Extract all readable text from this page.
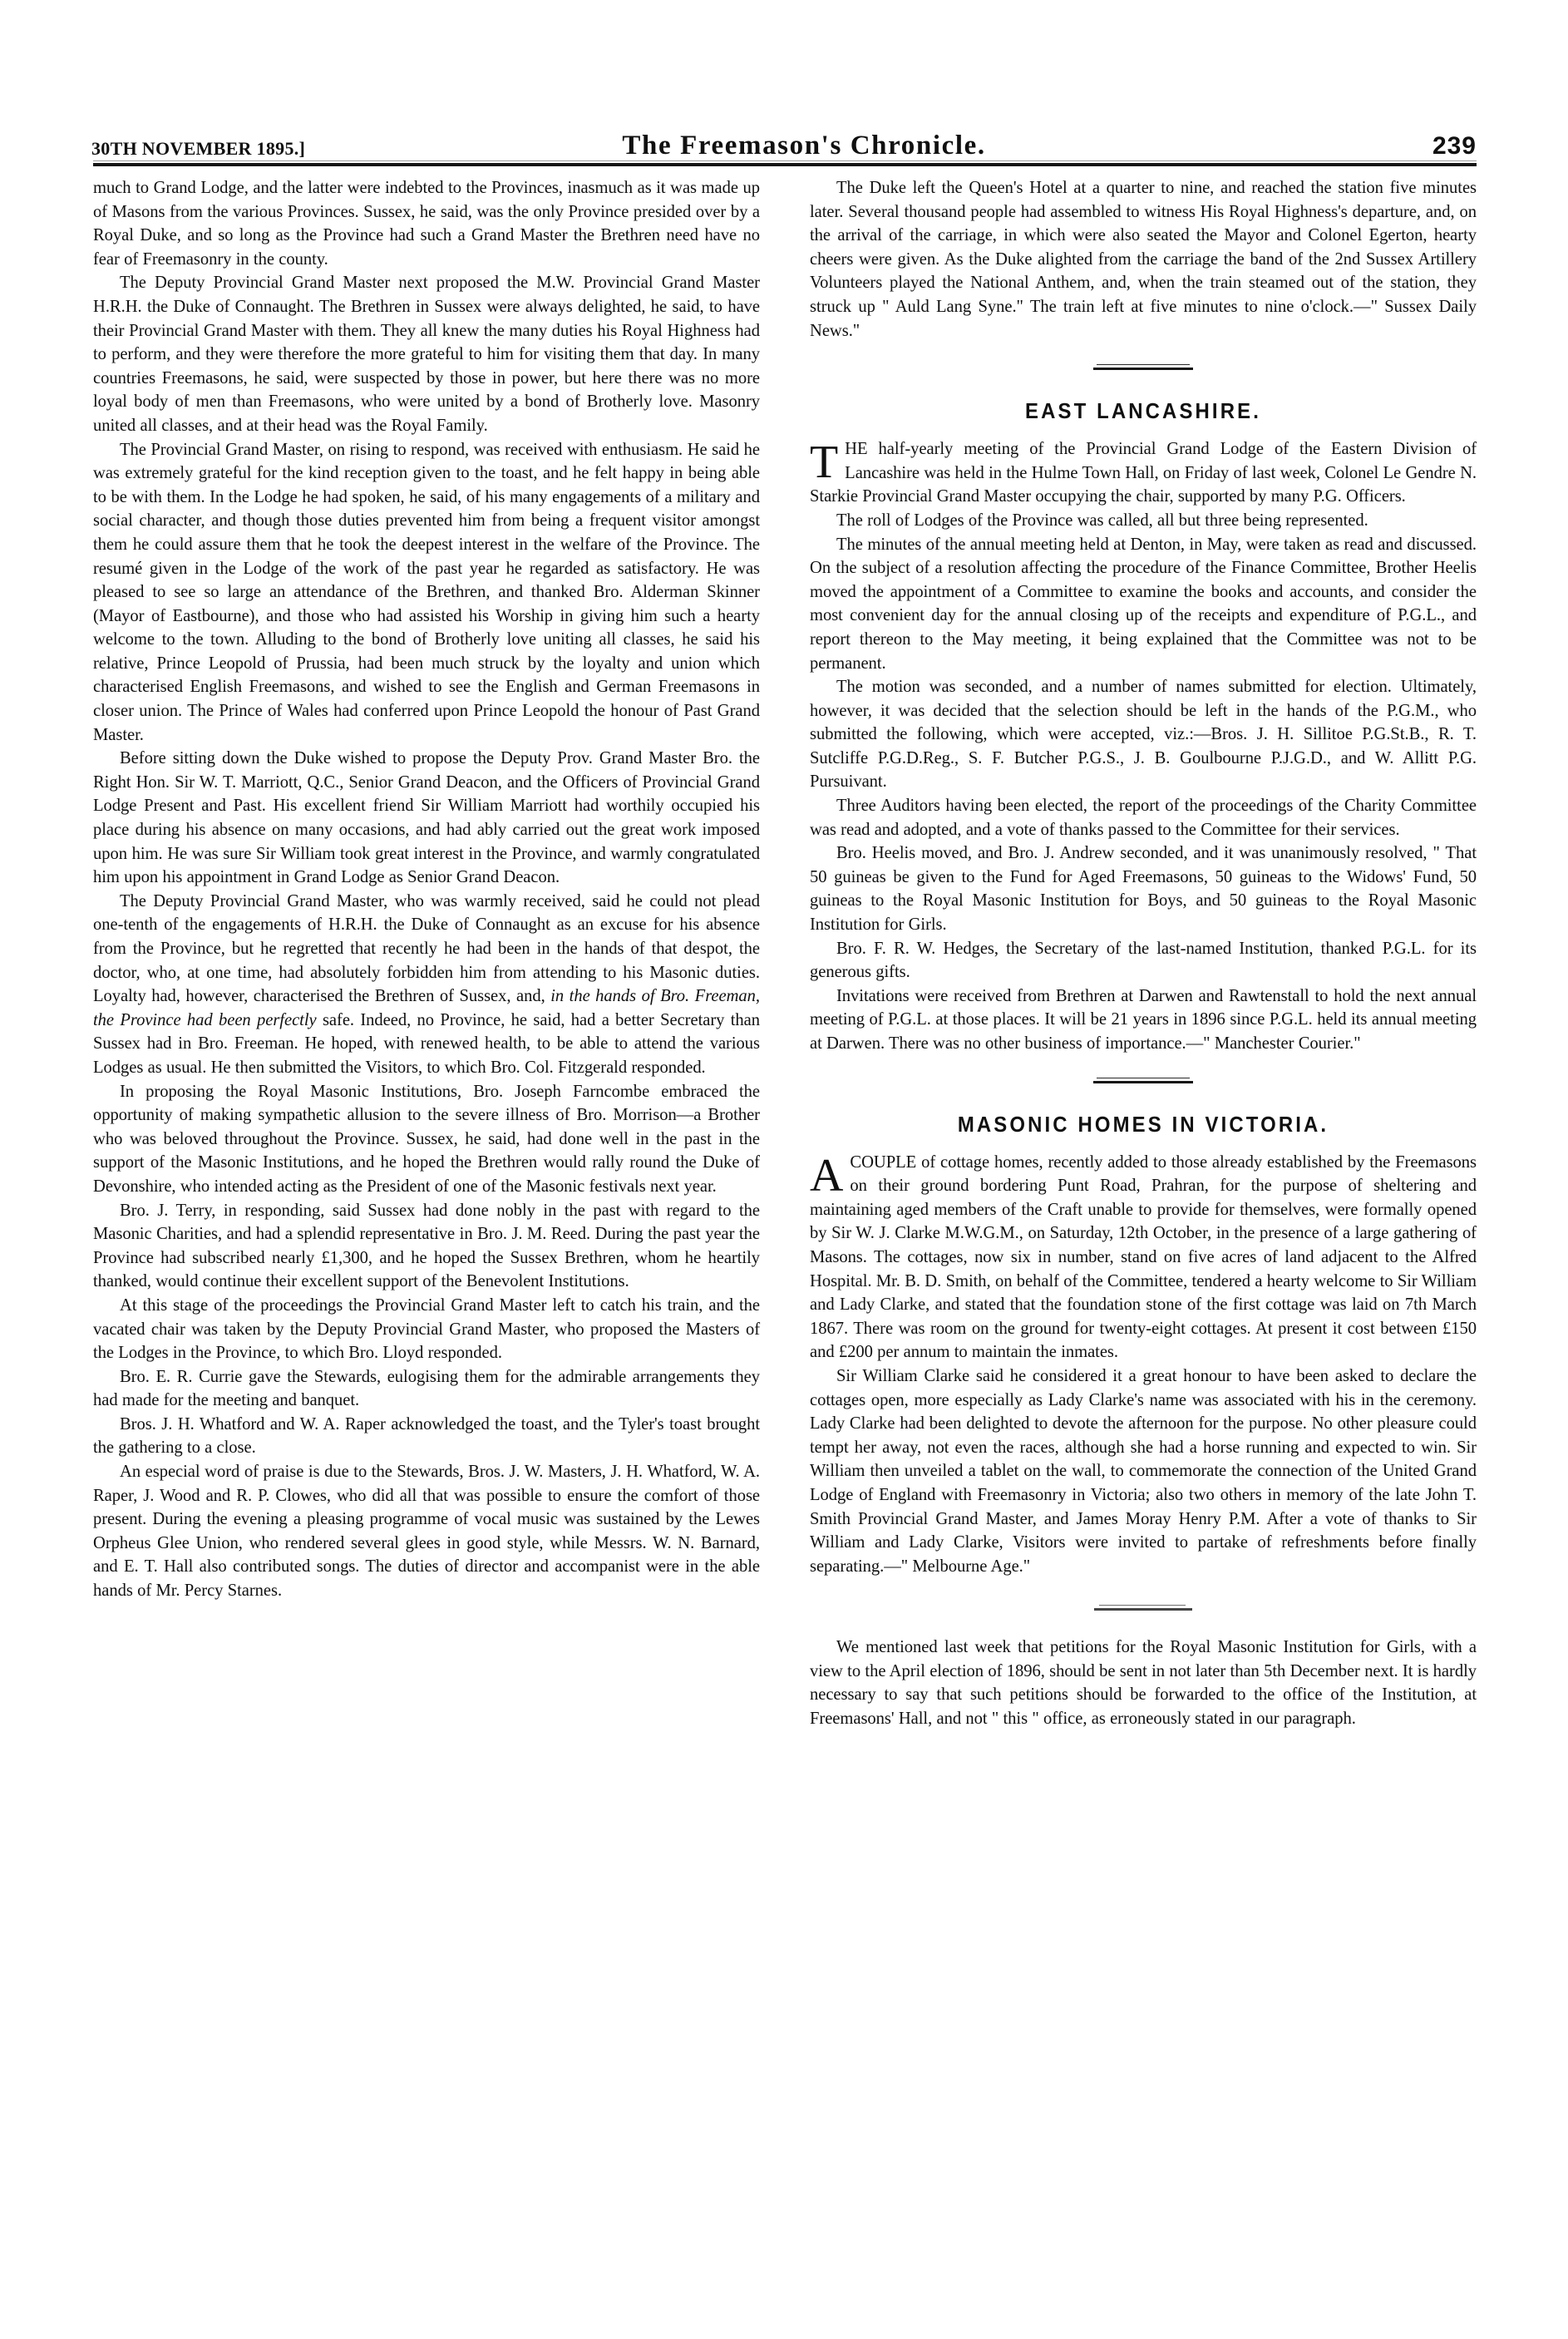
30TH NOVEMBER 1895.]	The Freemason's Chronicle.	239

much to Grand Lodge, and the latter were indebted to the Provinces, inasmuch as it was made up of Masons from the various Provinces. Sussex, he said, was the only Province presided over by a Royal Duke, and so long as the Province had such a Grand Master the Brethren need have no fear of Freemasonry in the county.

The Deputy Provincial Grand Master next proposed the M.W. Provincial Grand Master H.R.H. the Duke of Connaught. The Brethren in Sussex were always delighted, he said, to have their Provincial Grand Master with them. They all knew the many duties his Royal Highness had to perform, and they were therefore the more grateful to him for visiting them that day. In many countries Freemasons, he said, were suspected by those in power, but here there was no more loyal body of men than Freemasons, who were united by a bond of Brotherly love. Masonry united all classes, and at their head was the Royal Family.

The Provincial Grand Master, on rising to respond, was received with enthusiasm. He said he was extremely grateful for the kind reception given to the toast, and he felt happy in being able to be with them. In the Lodge he had spoken, he said, of his many engagements of a military and social character, and though those duties prevented him from being a frequent visitor amongst them he could assure them that he took the deepest interest in the welfare of the Province. The resumé given in the Lodge of the work of the past year he regarded as satisfactory. He was pleased to see so large an attendance of the Brethren, and thanked Bro. Alderman Skinner (Mayor of Eastbourne), and those who had assisted his Worship in giving him such a hearty welcome to the town. Alluding to the bond of Brotherly love uniting all classes, he said his relative, Prince Leopold of Prussia, had been much struck by the loyalty and union which characterised English Freemasons, and wished to see the English and German Freemasons in closer union. The Prince of Wales had conferred upon Prince Leopold the honour of Past Grand Master.

Before sitting down the Duke wished to propose the Deputy Prov. Grand Master Bro. the Right Hon. Sir W. T. Marriott, Q.C., Senior Grand Deacon, and the Officers of Provincial Grand Lodge Present and Past. His excellent friend Sir William Marriott had worthily occupied his place during his absence on many occasions, and had ably carried out the great work imposed upon him. He was sure Sir William took great interest in the Province, and warmly congratulated him upon his appointment in Grand Lodge as Senior Grand Deacon.

The Deputy Provincial Grand Master, who was warmly received, said he could not plead one-tenth of the engagements of H.R.H. the Duke of Connaught as an excuse for his absence from the Province, but he regretted that recently he had been in the hands of that despot, the doctor, who, at one time, had absolutely forbidden him from attending to his Masonic duties. Loyalty had, however, characterised the Brethren of Sussex, and, in the hands of Bro. Freeman, the Province had been perfectly safe. Indeed, no Province, he said, had a better Secretary than Sussex had in Bro. Freeman. He hoped, with renewed health, to be able to attend the various Lodges as usual. He then submitted the Visitors, to which Bro. Col. Fitzgerald responded.

In proposing the Royal Masonic Institutions, Bro. Joseph Farncombe embraced the opportunity of making sympathetic allusion to the severe illness of Bro. Morrison—a Brother who was beloved throughout the Province. Sussex, he said, had done well in the past in the support of the Masonic Institutions, and he hoped the Brethren would rally round the Duke of Devonshire, who intended acting as the President of one of the Masonic festivals next year.

Bro. J. Terry, in responding, said Sussex had done nobly in the past with regard to the Masonic Charities, and had a splendid representative in Bro. J. M. Reed. During the past year the Province had subscribed nearly £1,300, and he hoped the Sussex Brethren, whom he heartily thanked, would continue their excellent support of the Benevolent Institutions.

At this stage of the proceedings the Provincial Grand Master left to catch his train, and the vacated chair was taken by the Deputy Provincial Grand Master, who proposed the Masters of the Lodges in the Province, to which Bro. Lloyd responded.

Bro. E. R. Currie gave the Stewards, eulogising them for the admirable arrangements they had made for the meeting and banquet.

Bros. J. H. Whatford and W. A. Raper acknowledged the toast, and the Tyler's toast brought the gathering to a close.

An especial word of praise is due to the Stewards, Bros. J. W. Masters, J. H. Whatford, W. A. Raper, J. Wood and R. P. Clowes, who did all that was possible to ensure the comfort of those present. During the evening a pleasing programme of vocal music was sustained by the Lewes Orpheus Glee Union, who rendered several glees in good style, while Messrs. W. N. Barnard, and E. T. Hall also contributed songs. The duties of director and accompanist were in the able hands of Mr. Percy Starnes.

The Duke left the Queen's Hotel at a quarter to nine, and reached the station five minutes later. Several thousand people had assembled to witness His Royal Highness's departure, and, on the arrival of the carriage, in which were also seated the Mayor and Colonel Egerton, hearty cheers were given. As the Duke alighted from the carriage the band of the 2nd Sussex Artillery Volunteers played the National Anthem, and, when the train steamed out of the station, they struck up " Auld Lang Syne." The train left at five minutes to nine o'clock.—" Sussex Daily News."

EAST LANCASHIRE.

THE half-yearly meeting of the Provincial Grand Lodge of the Eastern Division of Lancashire was held in the Hulme Town Hall, on Friday of last week, Colonel Le Gendre N. Starkie Provincial Grand Master occupying the chair, supported by many P.G. Officers.

The roll of Lodges of the Province was called, all but three being represented.

The minutes of the annual meeting held at Denton, in May, were taken as read and discussed. On the subject of a resolution affecting the procedure of the Finance Committee, Brother Heelis moved the appointment of a Committee to examine the books and accounts, and consider the most convenient day for the annual closing up of the receipts and expenditure of P.G.L., and report thereon to the May meeting, it being explained that the Committee was not to be permanent.

The motion was seconded, and a number of names submitted for election. Ultimately, however, it was decided that the selection should be left in the hands of the P.G.M., who submitted the following, which were accepted, viz.:—Bros. J. H. Sillitoe P.G.St.B., R. T. Sutcliffe P.G.D.Reg., S. F. Butcher P.G.S., J. B. Goulbourne P.J.G.D., and W. Allitt P.G. Pursuivant.

Three Auditors having been elected, the report of the proceedings of the Charity Committee was read and adopted, and a vote of thanks passed to the Committee for their services.

Bro. Heelis moved, and Bro. J. Andrew seconded, and it was unanimously resolved, " That 50 guineas be given to the Fund for Aged Freemasons, 50 guineas to the Widows' Fund, 50 guineas to the Royal Masonic Institution for Boys, and 50 guineas to the Royal Masonic Institution for Girls.

Bro. F. R. W. Hedges, the Secretary of the last-named Institution, thanked P.G.L. for its generous gifts.

Invitations were received from Brethren at Darwen and Rawtenstall to hold the next annual meeting of P.G.L. at those places. It will be 21 years in 1896 since P.G.L. held its annual meeting at Darwen. There was no other business of importance.—" Manchester Courier."

MASONIC HOMES IN VICTORIA.

ACOUPLE of cottage homes, recently added to those already established by the Freemasons on their ground bordering Punt Road, Prahran, for the purpose of sheltering and maintaining aged members of the Craft unable to provide for themselves, were formally opened by Sir W. J. Clarke M.W.G.M., on Saturday, 12th October, in the presence of a large gathering of Masons. The cottages, now six in number, stand on five acres of land adjacent to the Alfred Hospital. Mr. B. D. Smith, on behalf of the Committee, tendered a hearty welcome to Sir William and Lady Clarke, and stated that the foundation stone of the first cottage was laid on 7th March 1867. There was room on the ground for twenty-eight cottages. At present it cost between £150 and £200 per annum to maintain the inmates.

Sir William Clarke said he considered it a great honour to have been asked to declare the cottages open, more especially as Lady Clarke's name was associated with his in the ceremony. Lady Clarke had been delighted to devote the afternoon for the purpose. No other pleasure could tempt her away, not even the races, although she had a horse running and expected to win. Sir William then unveiled a tablet on the wall, to commemorate the connection of the United Grand Lodge of England with Freemasonry in Victoria; also two others in memory of the late John T. Smith Provincial Grand Master, and James Moray Henry P.M. After a vote of thanks to Sir William and Lady Clarke, Visitors were invited to partake of refreshments before finally separating.—" Melbourne Age."

We mentioned last week that petitions for the Royal Masonic Institution for Girls, with a view to the April election of 1896, should be sent in not later than 5th December next. It is hardly necessary to say that such petitions should be forwarded to the office of the Institution, at Freemasons' Hall, and not " this " office, as erroneously stated in our paragraph.
